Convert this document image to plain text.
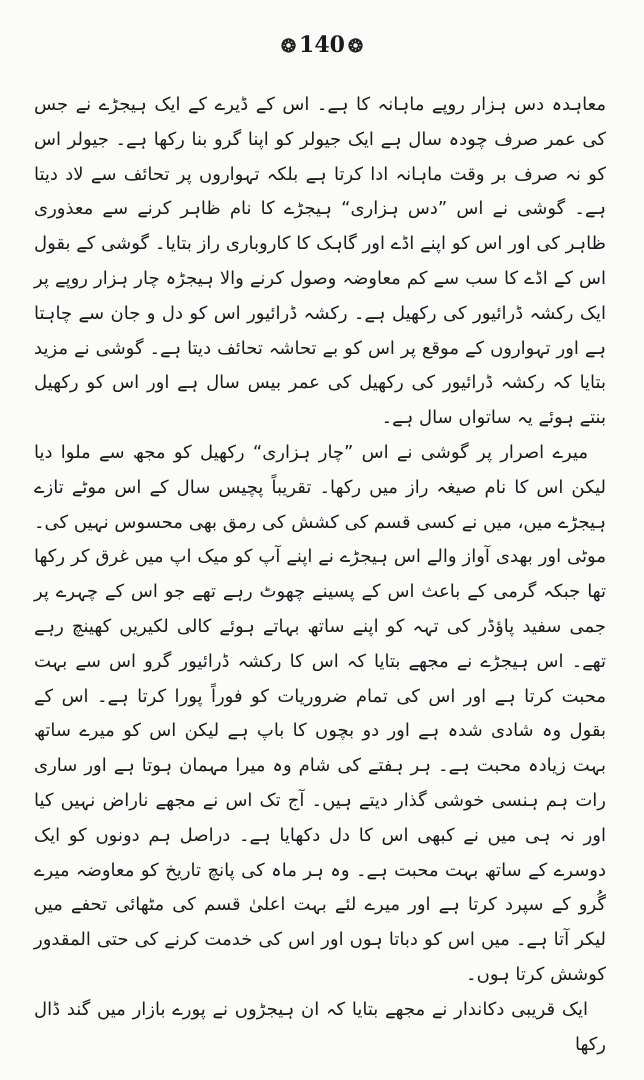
❂ 140 ❂

معاہدہ دس ہزار روپے ماہانہ کا ہے۔ اس کے ڈیرے کے ایک ہیجڑے نے جس کی عمر صرف چودہ سال ہے ایک جیولر کو اپنا گرو بنا رکھا ہے۔ جیولر اس کو نہ صرف بر وقت ماہانہ ادا کرتا ہے بلکہ تہواروں پر تحائف سے لاد دیتا ہے۔ گوشی نے اس ”دس ہزاری“ ہیجڑے کا نام ظاہر کرنے سے معذوری ظاہر کی اور اس کو اپنے اڈے اور گاہک کا کاروباری راز بتایا۔ گوشی کے بقول اس کے اڈے کا سب سے کم معاوضہ وصول کرنے والا ہیجڑہ چار ہزار روپے پر ایک رکشہ ڈرائیور کی رکھیل ہے۔ رکشہ ڈرائیور اس کو دل و جان سے چاہتا ہے اور تہواروں کے موقع پر اس کو بے تحاشہ تحائف دیتا ہے۔ گوشی نے مزید بتایا کہ رکشہ ڈرائیور کی رکھیل کی عمر بیس سال ہے اور اس کو رکھیل بنتے ہوئے یہ ساتواں سال ہے۔

میرے اصرار پر گوشی نے اس ”چار ہزاری“ رکھیل کو مجھ سے ملوا دیا لیکن اس کا نام صیغہ راز میں رکھا۔ تقریباً پچیس سال کے اس موٹے تازے ہیجڑے میں، میں نے کسی قسم کی کشش کی رمق بھی محسوس نہیں کی۔ موٹی اور بھدی آواز والے اس ہیجڑے نے اپنے آپ کو میک اپ میں غرق کر رکھا تھا جبکہ گرمی کے باعث اس کے پسینے چھوٹ رہے تھے جو اس کے چہرے پر جمی سفید پاؤڈر کی تہہ کو اپنے ساتھ بہاتے ہوئے کالی لکیریں کھینچ رہے تھے۔ اس ہیجڑے نے مجھے بتایا کہ اس کا رکشہ ڈرائیور گرو اس سے بہت محبت کرتا ہے اور اس کی تمام ضروریات کو فوراً پورا کرتا ہے۔ اس کے بقول وہ شادی شدہ ہے اور دو بچوں کا باپ ہے لیکن اس کو میرے ساتھ بہت زیادہ محبت ہے۔ ہر ہفتے کی شام وہ میرا مہمان ہوتا ہے اور ساری رات ہم ہنسی خوشی گذار دیتے ہیں۔ آج تک اس نے مجھے ناراض نہیں کیا اور نہ ہی میں نے کبھی اس کا دل دکھایا ہے۔ دراصل ہم دونوں کو ایک دوسرے کے ساتھ بہت محبت ہے۔ وہ ہر ماہ کی پانچ تاریخ کو معاوضہ میرے گُرو کے سپرد کرتا ہے اور میرے لئے بہت اعلیٰ قسم کی مٹھائی تحفے میں لیکر آتا ہے۔ میں اس کو دباتا ہوں اور اس کی خدمت کرنے کی حتی المقدور کوشش کرتا ہوں۔

ایک قریبی دکاندار نے مجھے بتایا کہ ان ہیجڑوں نے پورے بازار میں گند ڈال رکھا
